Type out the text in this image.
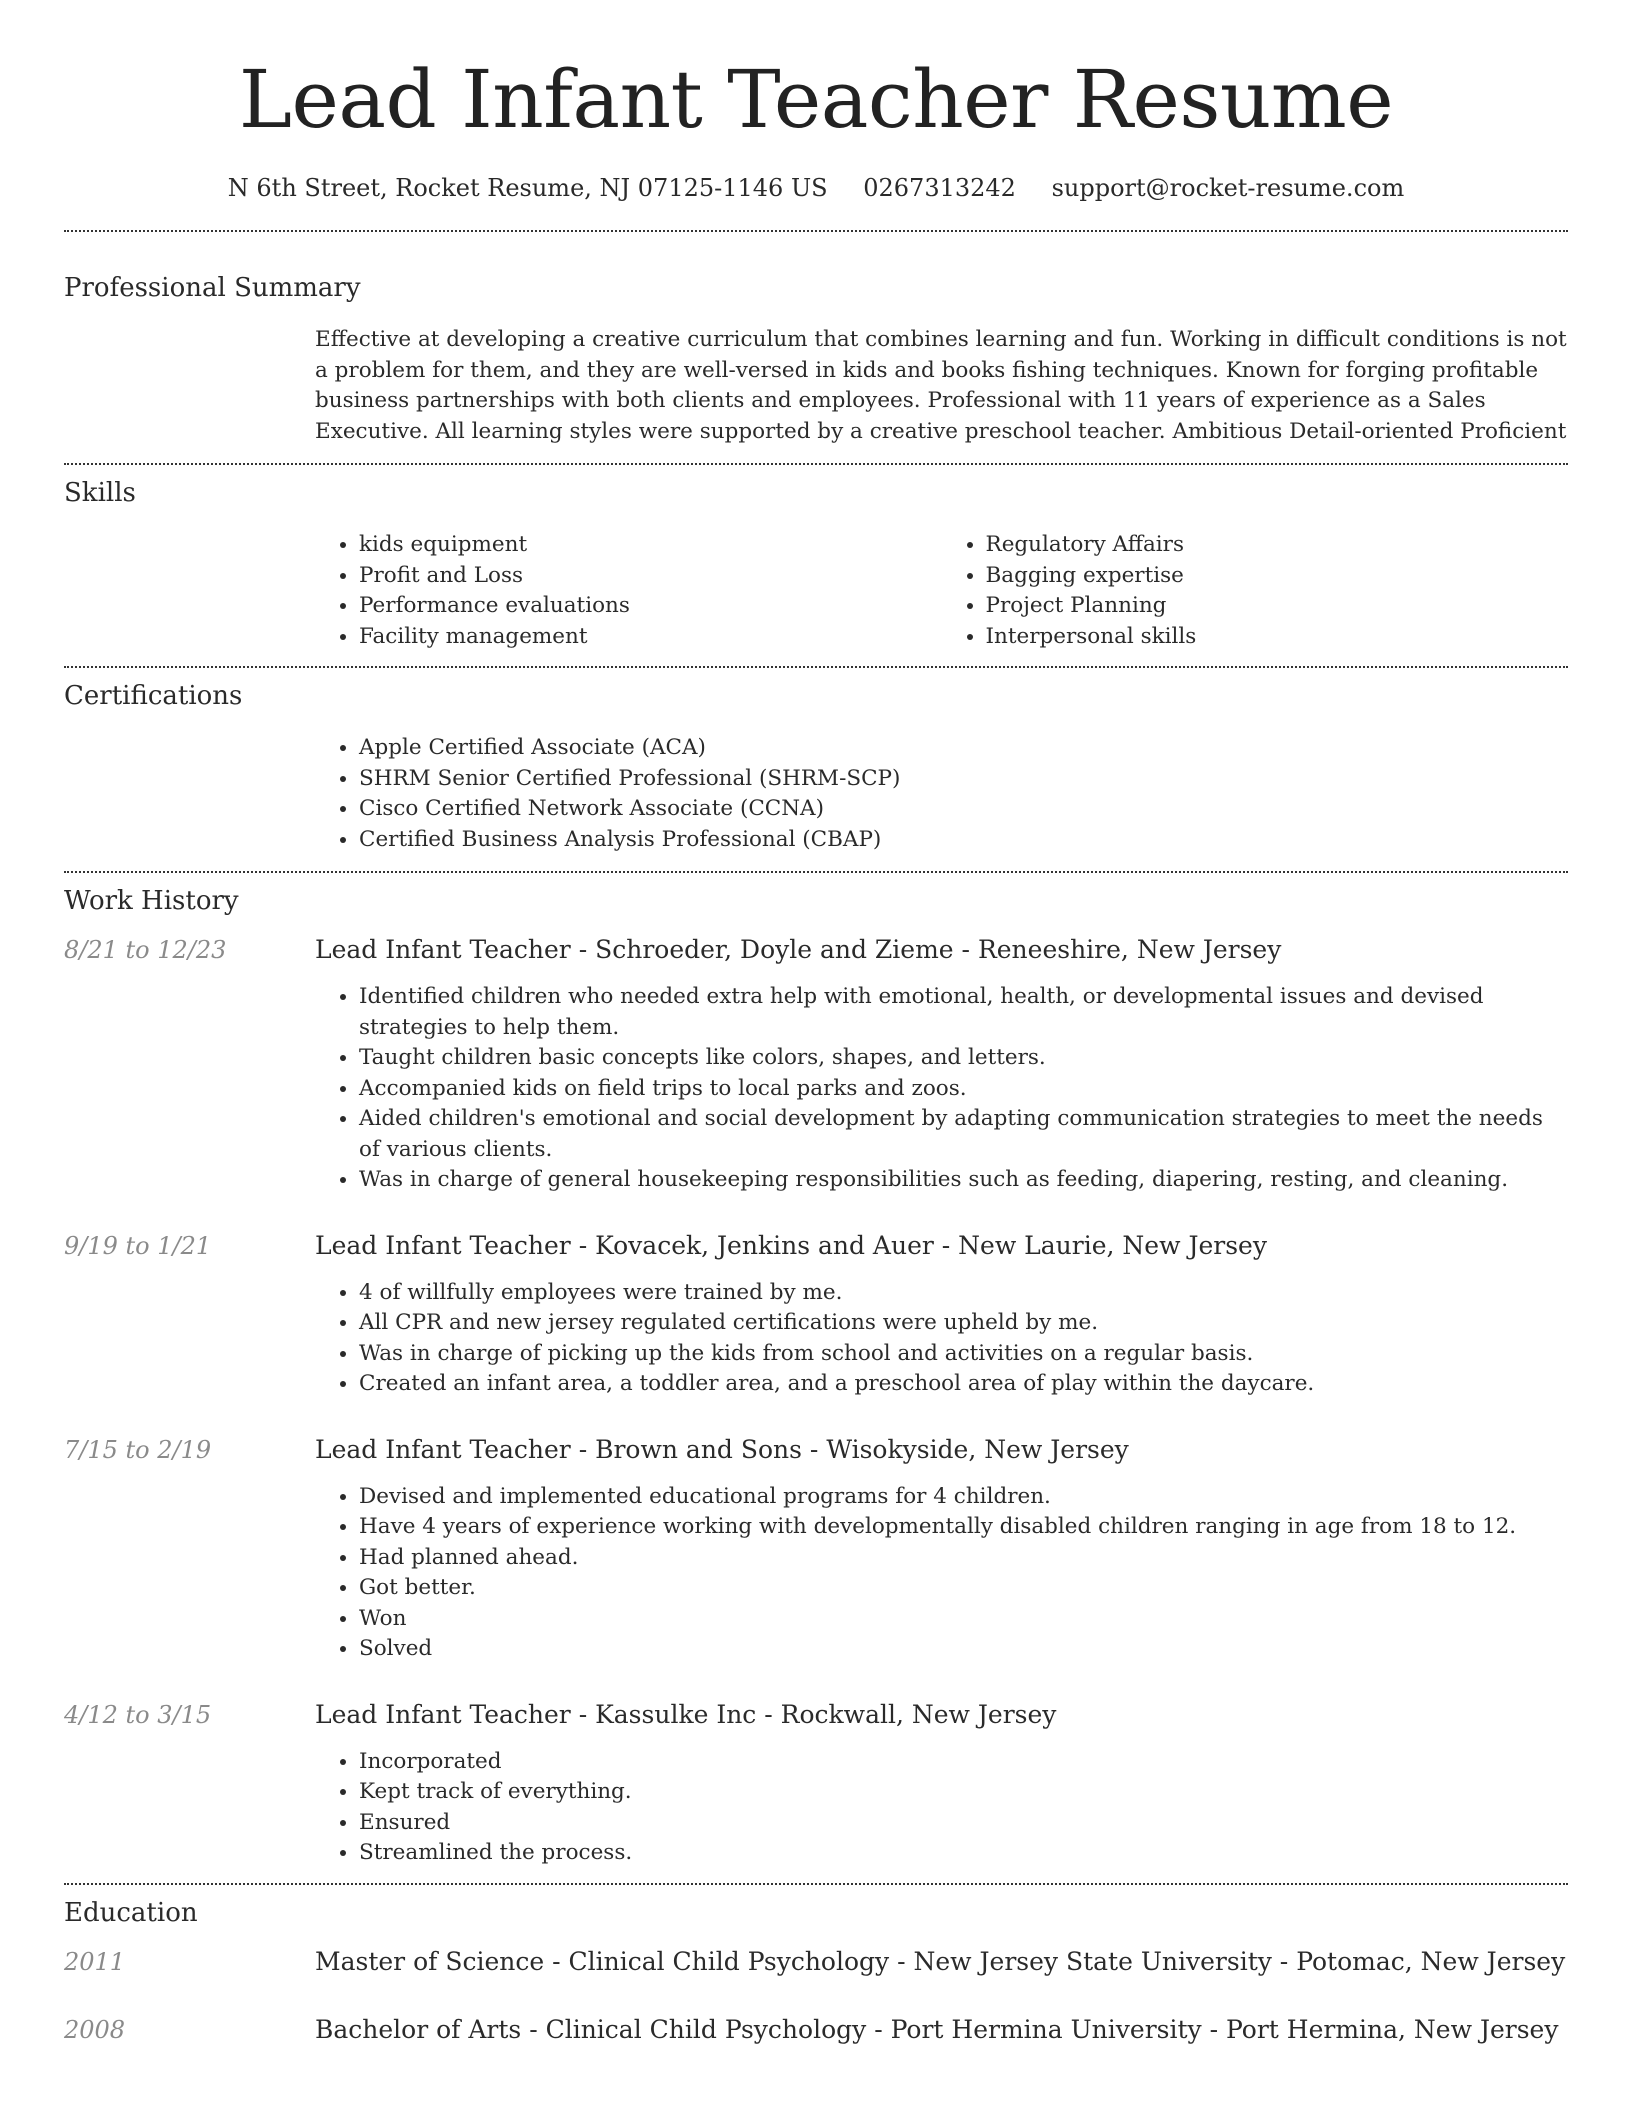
Lead Infant Teacher Resume
N 6th Street, Rocket Resume, NJ 07125-1146 US 0267313242 support@rocket-resume.com
Professional Summary

Effective at developing a creative curriculum that combines learning and fun. Working in difficult conditions is not a problem for them, and they are well-versed in kids and books fishing techniques. Known for forging profitable business partnerships with both clients and employees. Professional with 11 years of experience as a Sales Executive. All learning styles were supported by a creative preschool teacher. Ambitious Detail-oriented Proficient

Skills
• kids equipment
• Profit and Loss
• Performance evaluations
• Facility management
• Regulatory Affairs
• Bagging expertise
• Project Planning
• Interpersonal skills
Certifications
• Apple Certified Associate (ACA)
• SHRM Senior Certified Professional (SHRM-SCP)
• Cisco Certified Network Associate (CCNA)
• Certified Business Analysis Professional (CBAP)
Work History
8/21 to 12/23	Lead Infant Teacher - Schroeder, Doyle and Zieme - Reneeshire, New Jersey
• Identified children who needed extra help with emotional, health, or developmental issues and devised strategies to help them.
• Taught children basic concepts like colors, shapes, and letters.
• Accompanied kids on field trips to local parks and zoos.
• Aided children's emotional and social development by adapting communication strategies to meet the needs of various clients.
• Was in charge of general housekeeping responsibilities such as feeding, diapering, resting, and cleaning.
9/19 to 1/21	Lead Infant Teacher - Kovacek, Jenkins and Auer - New Laurie, New Jersey
• 4 of willfully employees were trained by me.
• All CPR and new jersey regulated certifications were upheld by me.
• Was in charge of picking up the kids from school and activities on a regular basis.
• Created an infant area, a toddler area, and a preschool area of play within the daycare.
7/15 to 2/19	Lead Infant Teacher - Brown and Sons - Wisokyside, New Jersey
• Devised and implemented educational programs for 4 children.
• Have 4 years of experience working with developmentally disabled children ranging in age from 18 to 12.
• Had planned ahead.
• Got better.
• Won
• Solved
4/12 to 3/15	Lead Infant Teacher - Kassulke Inc - Rockwall, New Jersey
• Incorporated
• Kept track of everything.
• Ensured
• Streamlined the process.
Education
2011	Master of Science - Clinical Child Psychology - New Jersey State University - Potomac, New Jersey
2008	Bachelor of Arts - Clinical Child Psychology - Port Hermina University - Port Hermina, New Jersey
